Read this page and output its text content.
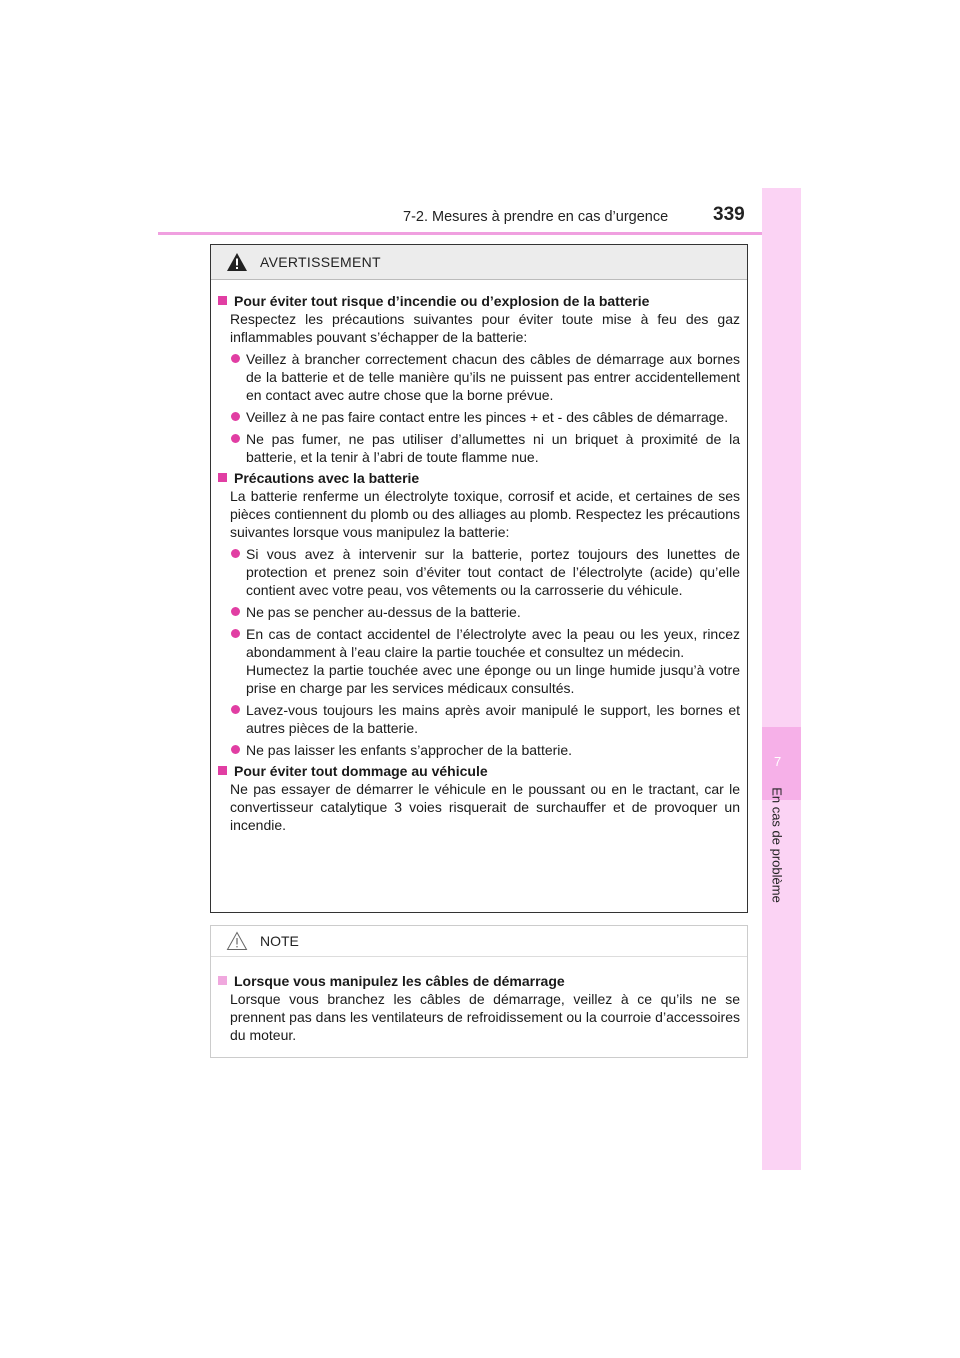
7-2. Mesures à prendre en cas d’urgence 339
7
En cas de problème
AVERTISSEMENT
Pour éviter tout risque d’incendie ou d’explosion de la batterie
Respectez les précautions suivantes pour éviter toute mise à feu des gaz inflammables pouvant s’échapper de la batterie:
Veillez à brancher correctement chacun des câbles de démarrage aux bornes de la batterie et de telle manière qu’ils ne puissent pas entrer accidentellement en contact avec autre chose que la borne prévue.
Veillez à ne pas faire contact entre les pinces + et - des câbles de démarrage.
Ne pas fumer, ne pas utiliser d’allumettes ni un briquet à proximité de la batterie, et la tenir à l’abri de toute flamme nue.
Précautions avec la batterie
La batterie renferme un électrolyte toxique, corrosif et acide, et certaines de ses pièces contiennent du plomb ou des alliages au plomb. Respectez les précautions suivantes lorsque vous manipulez la batterie:
Si vous avez à intervenir sur la batterie, portez toujours des lunettes de protection et prenez soin d’éviter tout contact de l’électrolyte (acide) qu’elle contient avec votre peau, vos vêtements ou la carrosserie du véhicule.
Ne pas se pencher au-dessus de la batterie.
En cas de contact accidentel de l’électrolyte avec la peau ou les yeux, rincez abondamment à l’eau claire la partie touchée et consultez un médecin.
Humectez la partie touchée avec une éponge ou un linge humide jusqu’à votre prise en charge par les services médicaux consultés.
Lavez-vous toujours les mains après avoir manipulé le support, les bornes et autres pièces de la batterie.
Ne pas laisser les enfants s’approcher de la batterie.
Pour éviter tout dommage au véhicule
Ne pas essayer de démarrer le véhicule en le poussant ou en le tractant, car le convertisseur catalytique 3 voies risquerait de surchauffer et de provoquer un incendie.
NOTE
Lorsque vous manipulez les câbles de démarrage
Lorsque vous branchez les câbles de démarrage, veillez à ce qu’ils ne se prennent pas dans les ventilateurs de refroidissement ou la courroie d’accessoires du moteur.
